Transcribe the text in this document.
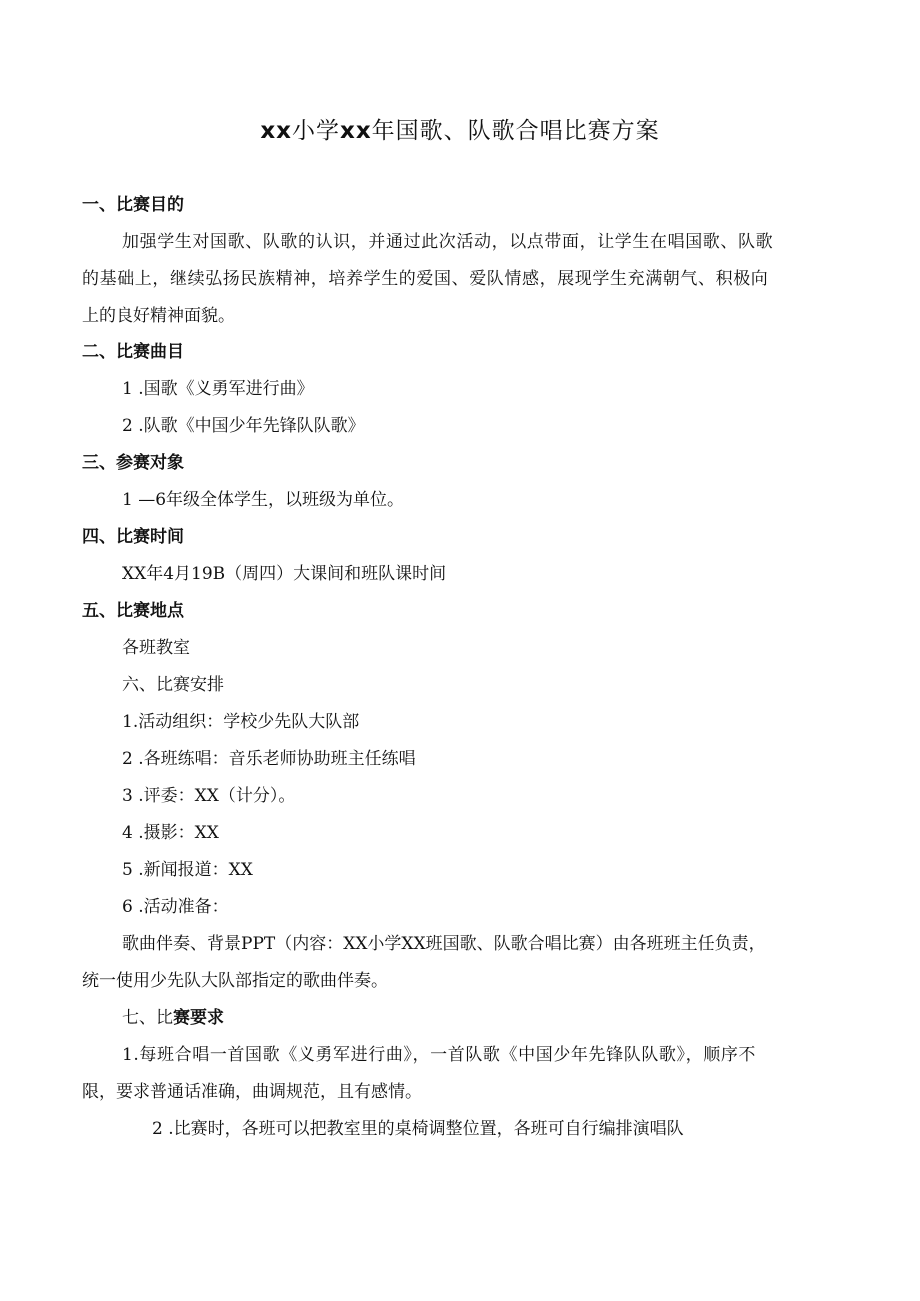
xx小学xx年国歌、队歌合唱比赛方案
一、比赛目的
加强学生对国歌、队歌的认识，并通过此次活动，以点带面，让学生在唱国歌、队歌
的基础上，继续弘扬民族精神，培养学生的爱国、爱队情感，展现学生充满朝气、积极向
上的良好精神面貌。
二、比赛曲目
1 .国歌《义勇军进行曲》
2 .队歌《中国少年先锋队队歌》
三、参赛对象
1 —6年级全体学生，以班级为单位。
四、比赛时间
XX年4月19B（周四）大课间和班队课时间
五、比赛地点
各班教室
六、比赛安排
1.活动组织：学校少先队大队部
2 .各班练唱：音乐老师协助班主任练唱
3 .评委：XX（计分）。
4 .摄影：XX
5 .新闻报道：XX
6 .活动准备：
歌曲伴奏、背景PPT（内容：XX小学XX班国歌、队歌合唱比赛）由各班班主任负责，
统一使用少先队大队部指定的歌曲伴奏。
七、比赛要求
1.每班合唱一首国歌《义勇军进行曲》，一首队歌《中国少年先锋队队歌》，顺序不
限，要求普通话准确，曲调规范，且有感情。
2 .比赛时，各班可以把教室里的桌椅调整位置，各班可自行编排演唱队
